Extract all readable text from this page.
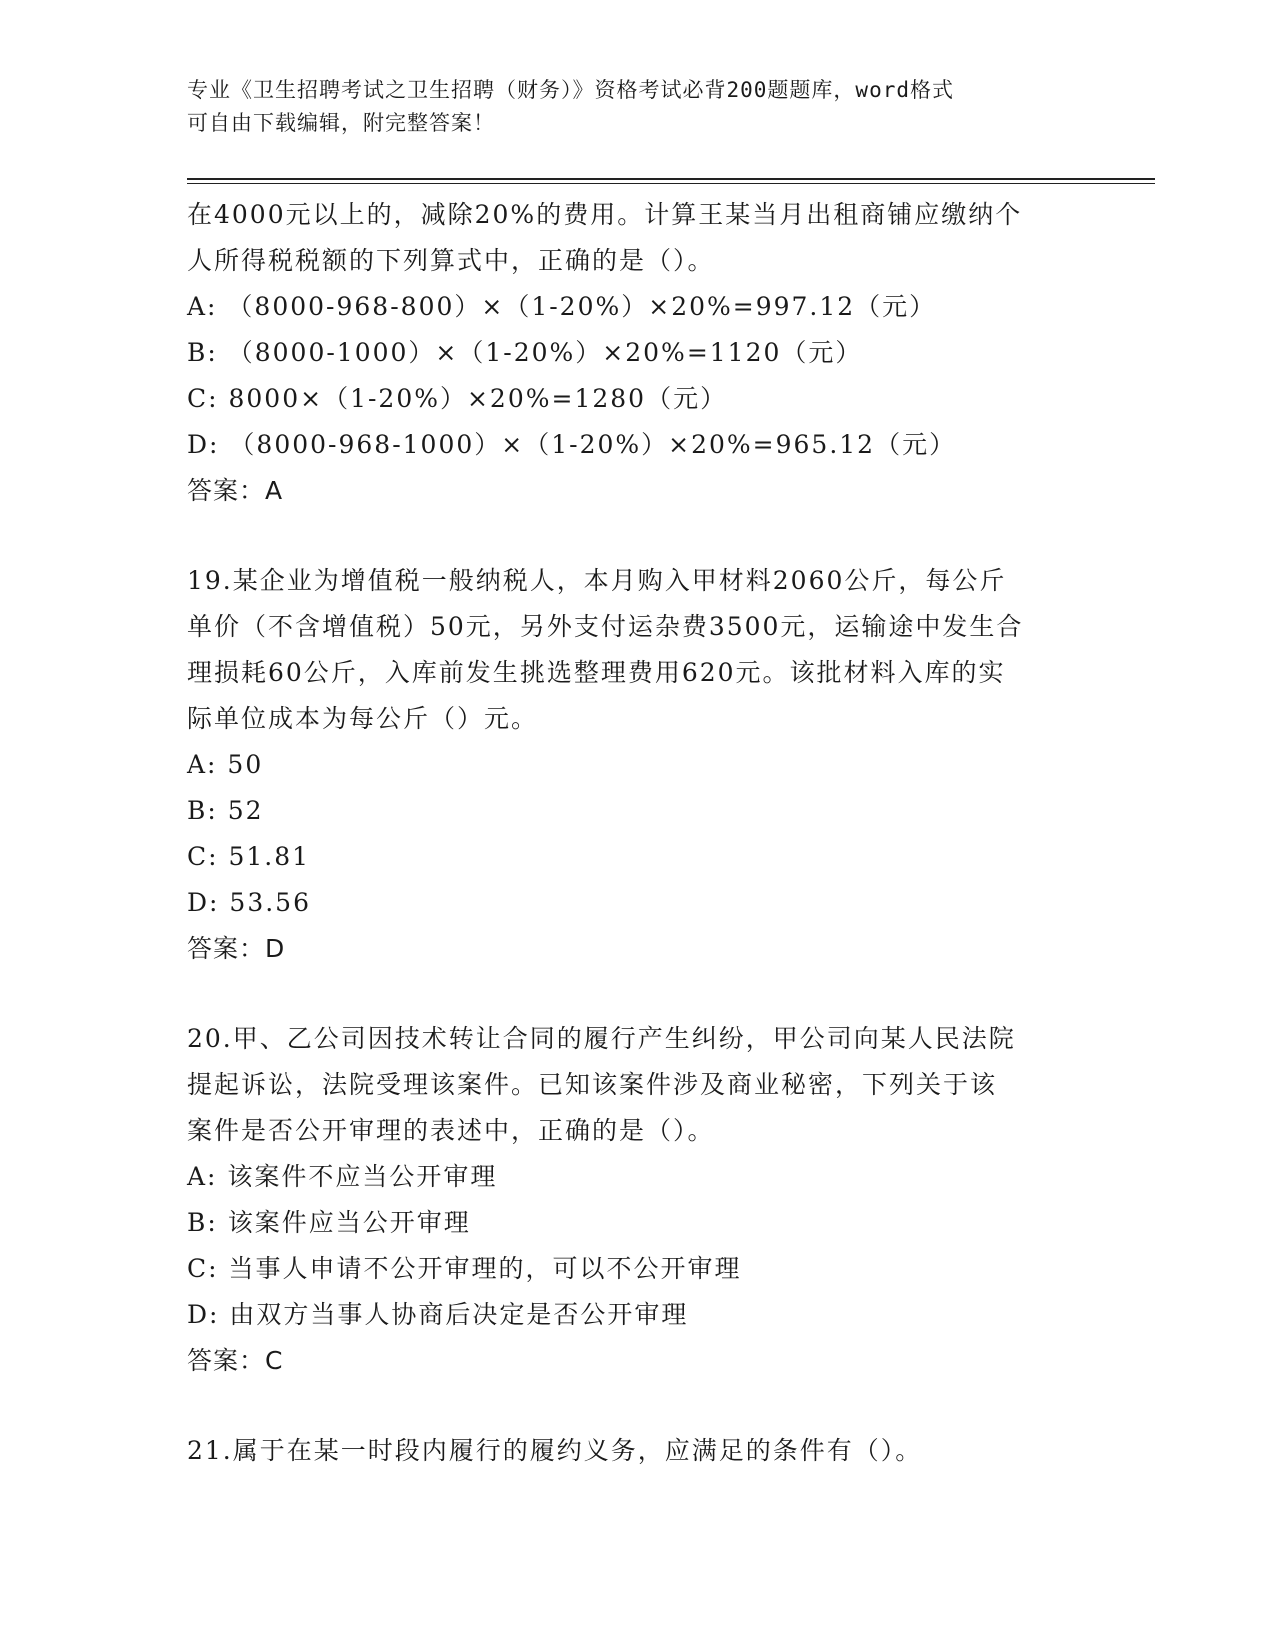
专业《卫生招聘考试之卫生招聘（财务）》资格考试必背200题题库，word格式
可自由下载编辑，附完整答案！
在4000元以上的，减除20%的费用。计算王某当月出租商铺应缴纳个
人所得税税额的下列算式中，正确的是（）。
A: （8000-968-800）×（1-20%）×20%=997.12（元）
B: （8000-1000）×（1-20%）×20%=1120（元）
C: 8000×（1-20%）×20%=1280（元）
D: （8000-968-1000）×（1-20%）×20%=965.12（元）
答案：A
19.某企业为增值税一般纳税人，本月购入甲材料2060公斤，每公斤
单价（不含增值税）50元，另外支付运杂费3500元，运输途中发生合
理损耗60公斤，入库前发生挑选整理费用620元。该批材料入库的实
际单位成本为每公斤（）元。
A: 50
B: 52
C: 51.81
D: 53.56
答案：D
20.甲、乙公司因技术转让合同的履行产生纠纷，甲公司向某人民法院
提起诉讼，法院受理该案件。已知该案件涉及商业秘密，下列关于该
案件是否公开审理的表述中，正确的是（）。
A: 该案件不应当公开审理
B: 该案件应当公开审理
C: 当事人申请不公开审理的，可以不公开审理
D: 由双方当事人协商后决定是否公开审理
答案：C
21.属于在某一时段内履行的履约义务，应满足的条件有（）。
